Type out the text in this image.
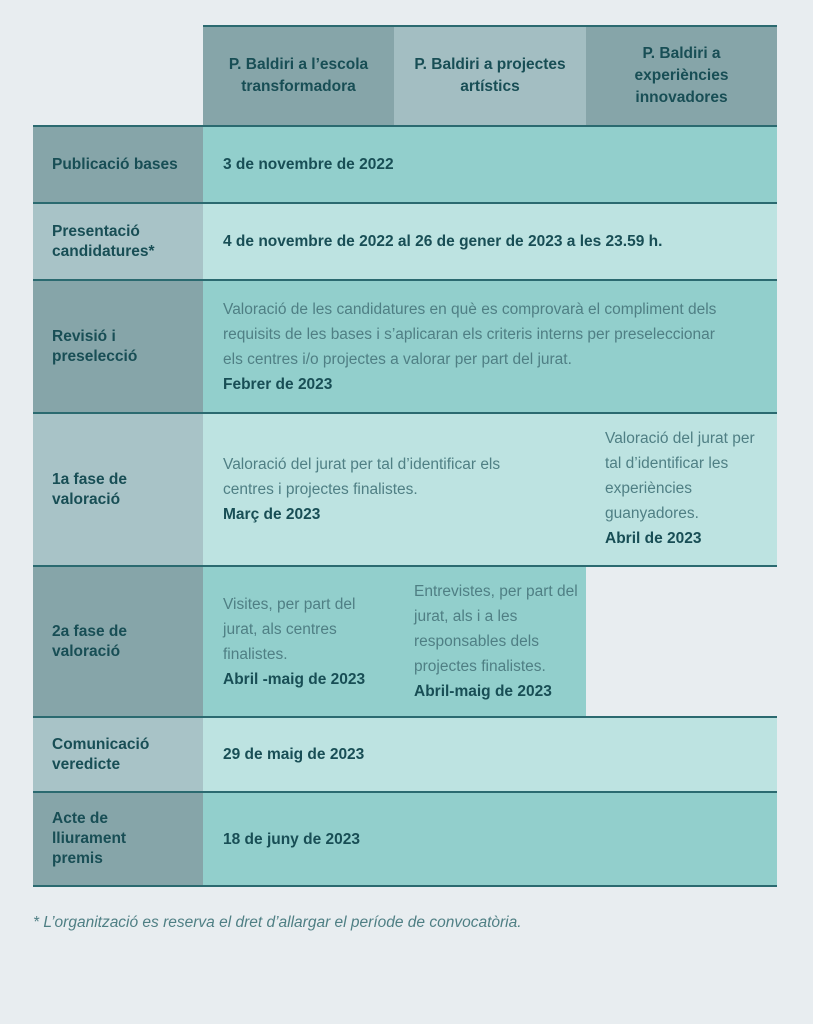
P. Baldiri a l’escola transformadora
P. Baldiri a projectes artístics
P. Baldiri a experiències innovadores
Publicació bases	3 de novembre de 2022
Presentació candidatures*
4 de novembre de 2022 al 26 de gener de 2023 a les 23.59 h.
Revisió i preselecció
Valoració de les candidatures en què es comprovarà el compliment dels requisits de les bases i s’aplicaran els criteris interns per preseleccionar els centres i/o projectes a valorar per part del jurat.
Febrer de 2023
1a fase de valoració
Valoració del jurat per tal d’identificar els centres i projectes finalistes.
Març de 2023
Valoració del jurat per tal d’identificar les experiències guanyadores.
Abril de 2023
2a fase de valoració
Visites, per part del jurat, als centres finalistes.
Abril -maig de 2023
Entrevistes, per part del jurat, als i a les responsables dels projectes finalistes.
Abril-maig de 2023
Comunicació veredicte
29 de maig de 2023
Acte de lliurament premis
18 de juny de 2023
* L’organització es reserva el dret d’allargar el període de convocatòria.
